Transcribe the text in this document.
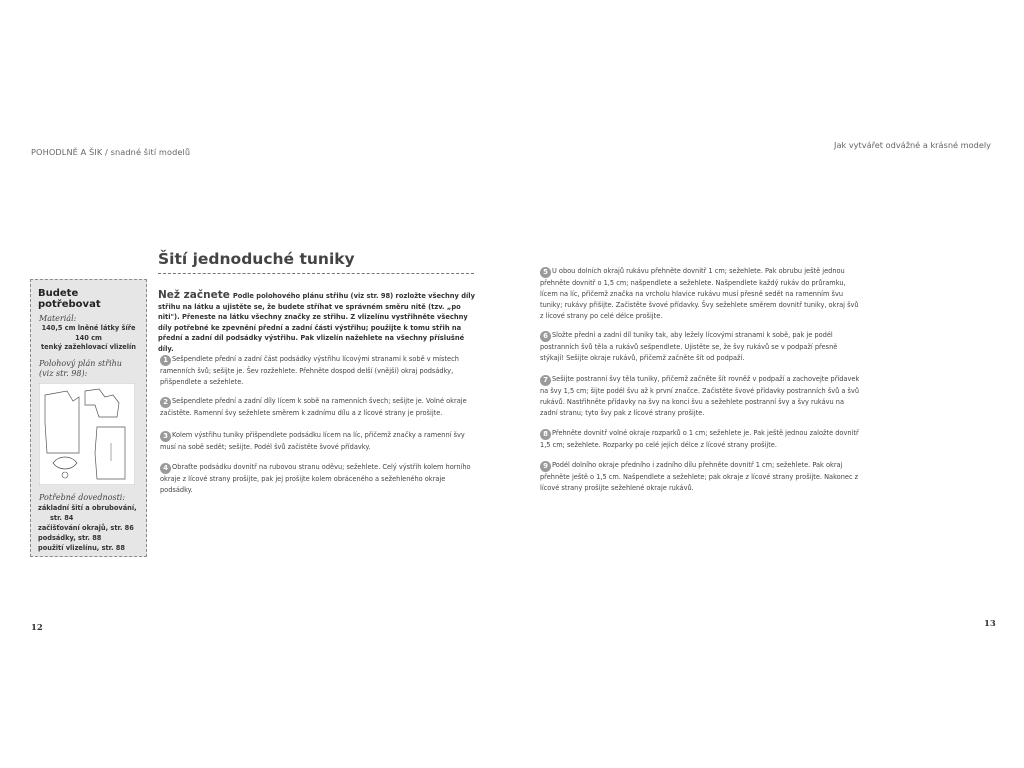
POHODLNĚ A ŠIK / snadné šití modelů
Jak vytvářet odvážné a krásné modely
Budete potřebovat
Materiál:
140,5 cm lněné látky šíře
140 cm
tenký zažehlovací vlizelín
Polohový plán střihu
(viz str. 98):
Potřebné dovednosti:
základní šití a obrubování,
str. 84
začišťování okrajů, str. 86
podsádky, str. 88
použití vlizelínu, str. 88
Šití jednoduché tuniky
Než začnete Podle polohového plánu střihu (viz str. 98) rozložte všechny díly střihu na látku a ujistěte se, že budete stříhat ve správném směru nitě (tzv. „po niti"). Přeneste na látku všechny značky ze střihu. Z vlizelínu vystřihněte všechny díly potřebné ke zpevnění přední a zadní části výstřihu; použijte k tomu střih na přední a zadní díl podsádky výstřihu. Pak vlizelín nažehlete na všechny příslušné díly.
1 Sešpendlete přední a zadní část podsádky výstřihu lícovými stranami k sobě v místech ramenních švů; sešijte je. Šev rozžehlete. Přehněte dospod delší (vnější) okraj podsádky, přišpendlete a sežehlete.
2 Sešpendlete přední a zadní díly lícem k sobě na ramenních švech; sešijte je. Volné okraje začistěte. Ramenní švy sežehlete směrem k zadnímu dílu a z lícové strany je prošijte.
3 Kolem výstřihu tuniky přišpendlete podsádku lícem na líc, přičemž značky a ramenní švy musí na sobě sedět; sešijte. Podél švů začistěte švové přídavky.
4 Obraťte podsádku dovnitř na rubovou stranu oděvu; sežehlete. Celý výstřih kolem horního okraje z lícové strany prošijte, pak jej prošijte kolem obráceného a sežehleného okraje podsádky.
5 U obou dolních okrajů rukávu přehněte dovnitř 1 cm; sežehlete. Pak obrubu ještě jednou přehněte dovnitř o 1,5 cm; našpendlete a sežehlete. Našpendlete každý rukáv do průramku, lícem na líc, přičemž značka na vrcholu hlavice rukávu musí přesně sedět na ramenním švu tuniky; rukávy přišijte. Začistěte švové přídavky. Švy sežehlete směrem dovnitř tuniky, okraj švů z lícové strany po celé délce prošijte.
6 Složte přední a zadní díl tuniky tak, aby ležely lícovými stranami k sobě, pak je podél postranních švů těla a rukávů sešpendlete. Ujistěte se, že švy rukávů se v podpaží přesně stýkají! Sešijte okraje rukávů, přičemž začněte šít od podpaží.
7 Sešijte postranní švy těla tuniky, přičemž začněte šít rovněž v podpaží a zachovejte přídavek na švy 1,5 cm; šijte podél švu až k první značce. Začistěte švové přídavky postranních švů a švů rukávů. Nastřihněte přídavky na švy na konci švu a sežehlete postranní švy a švy rukávu na zadní stranu; tyto švy pak z lícové strany prošijte.
8 Přehněte dovnitř volné okraje rozparků o 1 cm; sežehlete je. Pak ještě jednou založte dovnitř 1,5 cm; sežehlete. Rozparky po celé jejich délce z lícové strany prošijte.
9 Podél dolního okraje předního i zadního dílu přehněte dovnitř 1 cm; sežehlete. Pak okraj přehněte ještě o 1,5 cm. Našpendlete a sežehlete; pak okraje z lícové strany prošijte. Nakonec z lícové strany prošijte sežehlené okraje rukávů.
12	13
